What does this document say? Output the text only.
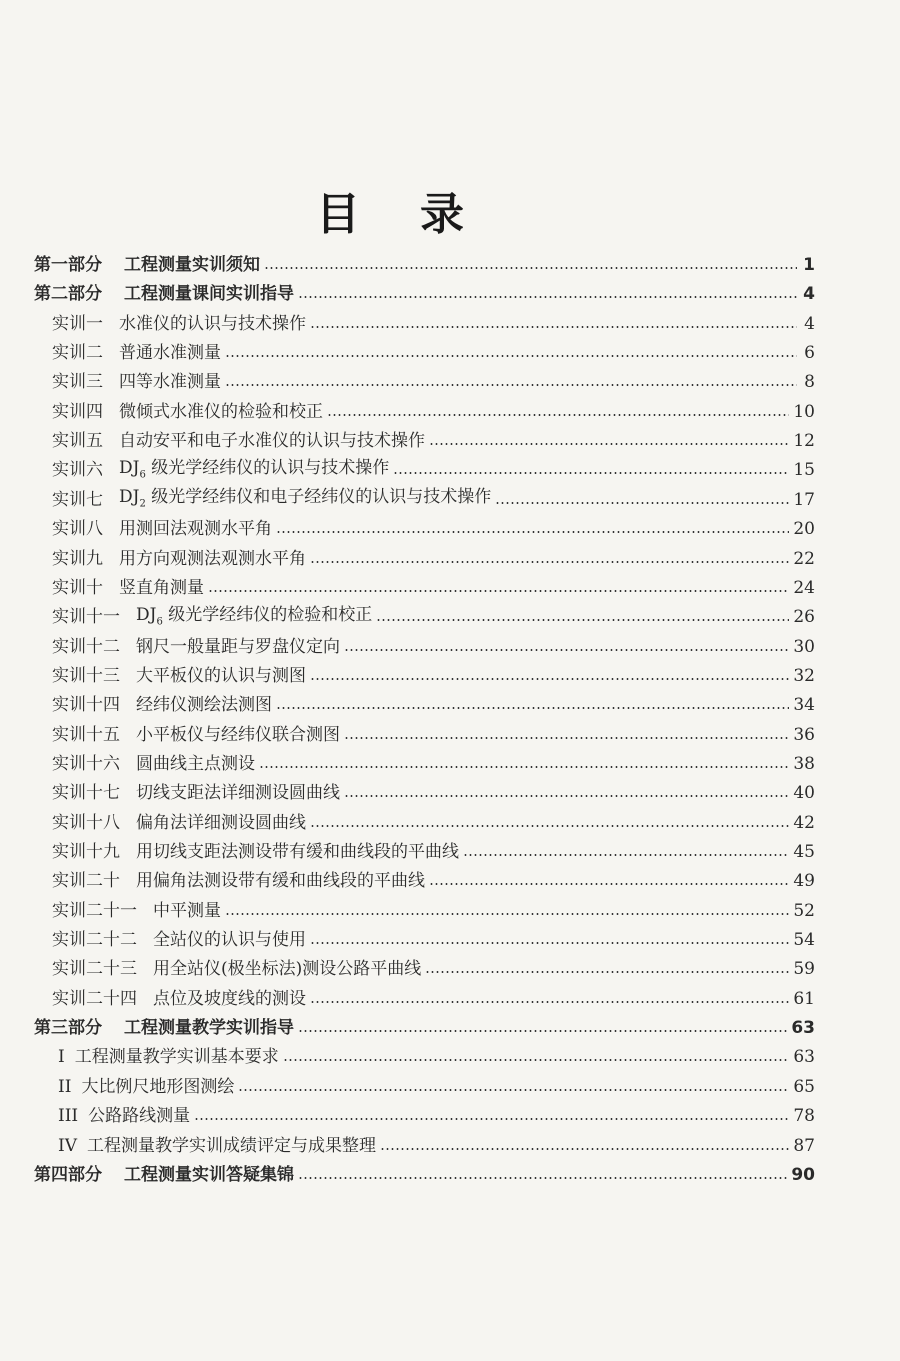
目录
第一部分 工程测量实训须知	1
第二部分 工程测量课间实训指导	4
实训一 水准仪的认识与技术操作	4
实训二 普通水准测量	6
实训三 四等水准测量	8
实训四 微倾式水准仪的检验和校正	10
实训五 自动安平和电子水准仪的认识与技术操作	12
实训六 $DJ_6$ 级光学经纬仪的认识与技术操作	15
实训七 $DJ_2$ 级光学经纬仪和电子经纬仪的认识与技术操作	17
实训八 用测回法观测水平角	20
实训九 用方向观测法观测水平角	22
实训十 竖直角测量	24
实训十一 $DJ_6$ 级光学经纬仪的检验和校正	26
实训十二 钢尺一般量距与罗盘仪定向	30
实训十三 大平板仪的认识与测图	32
实训十四 经纬仪测绘法测图	34
实训十五 小平板仪与经纬仪联合测图	36
实训十六 圆曲线主点测设	38
实训十七 切线支距法详细测设圆曲线	40
实训十八 偏角法详细测设圆曲线	42
实训十九 用切线支距法测设带有缓和曲线段的平曲线	45
实训二十 用偏角法测设带有缓和曲线段的平曲线	49
实训二十一 中平测量	52
实训二十二 全站仪的认识与使用	54
实训二十三 用全站仪(极坐标法)测设公路平曲线	59
实训二十四 点位及坡度线的测设	61
第三部分 工程测量教学实训指导	63
I 工程测量教学实训基本要求	63
II 大比例尺地形图测绘	65
III 公路路线测量	78
IV 工程测量教学实训成绩评定与成果整理	87
第四部分 工程测量实训答疑集锦	90
